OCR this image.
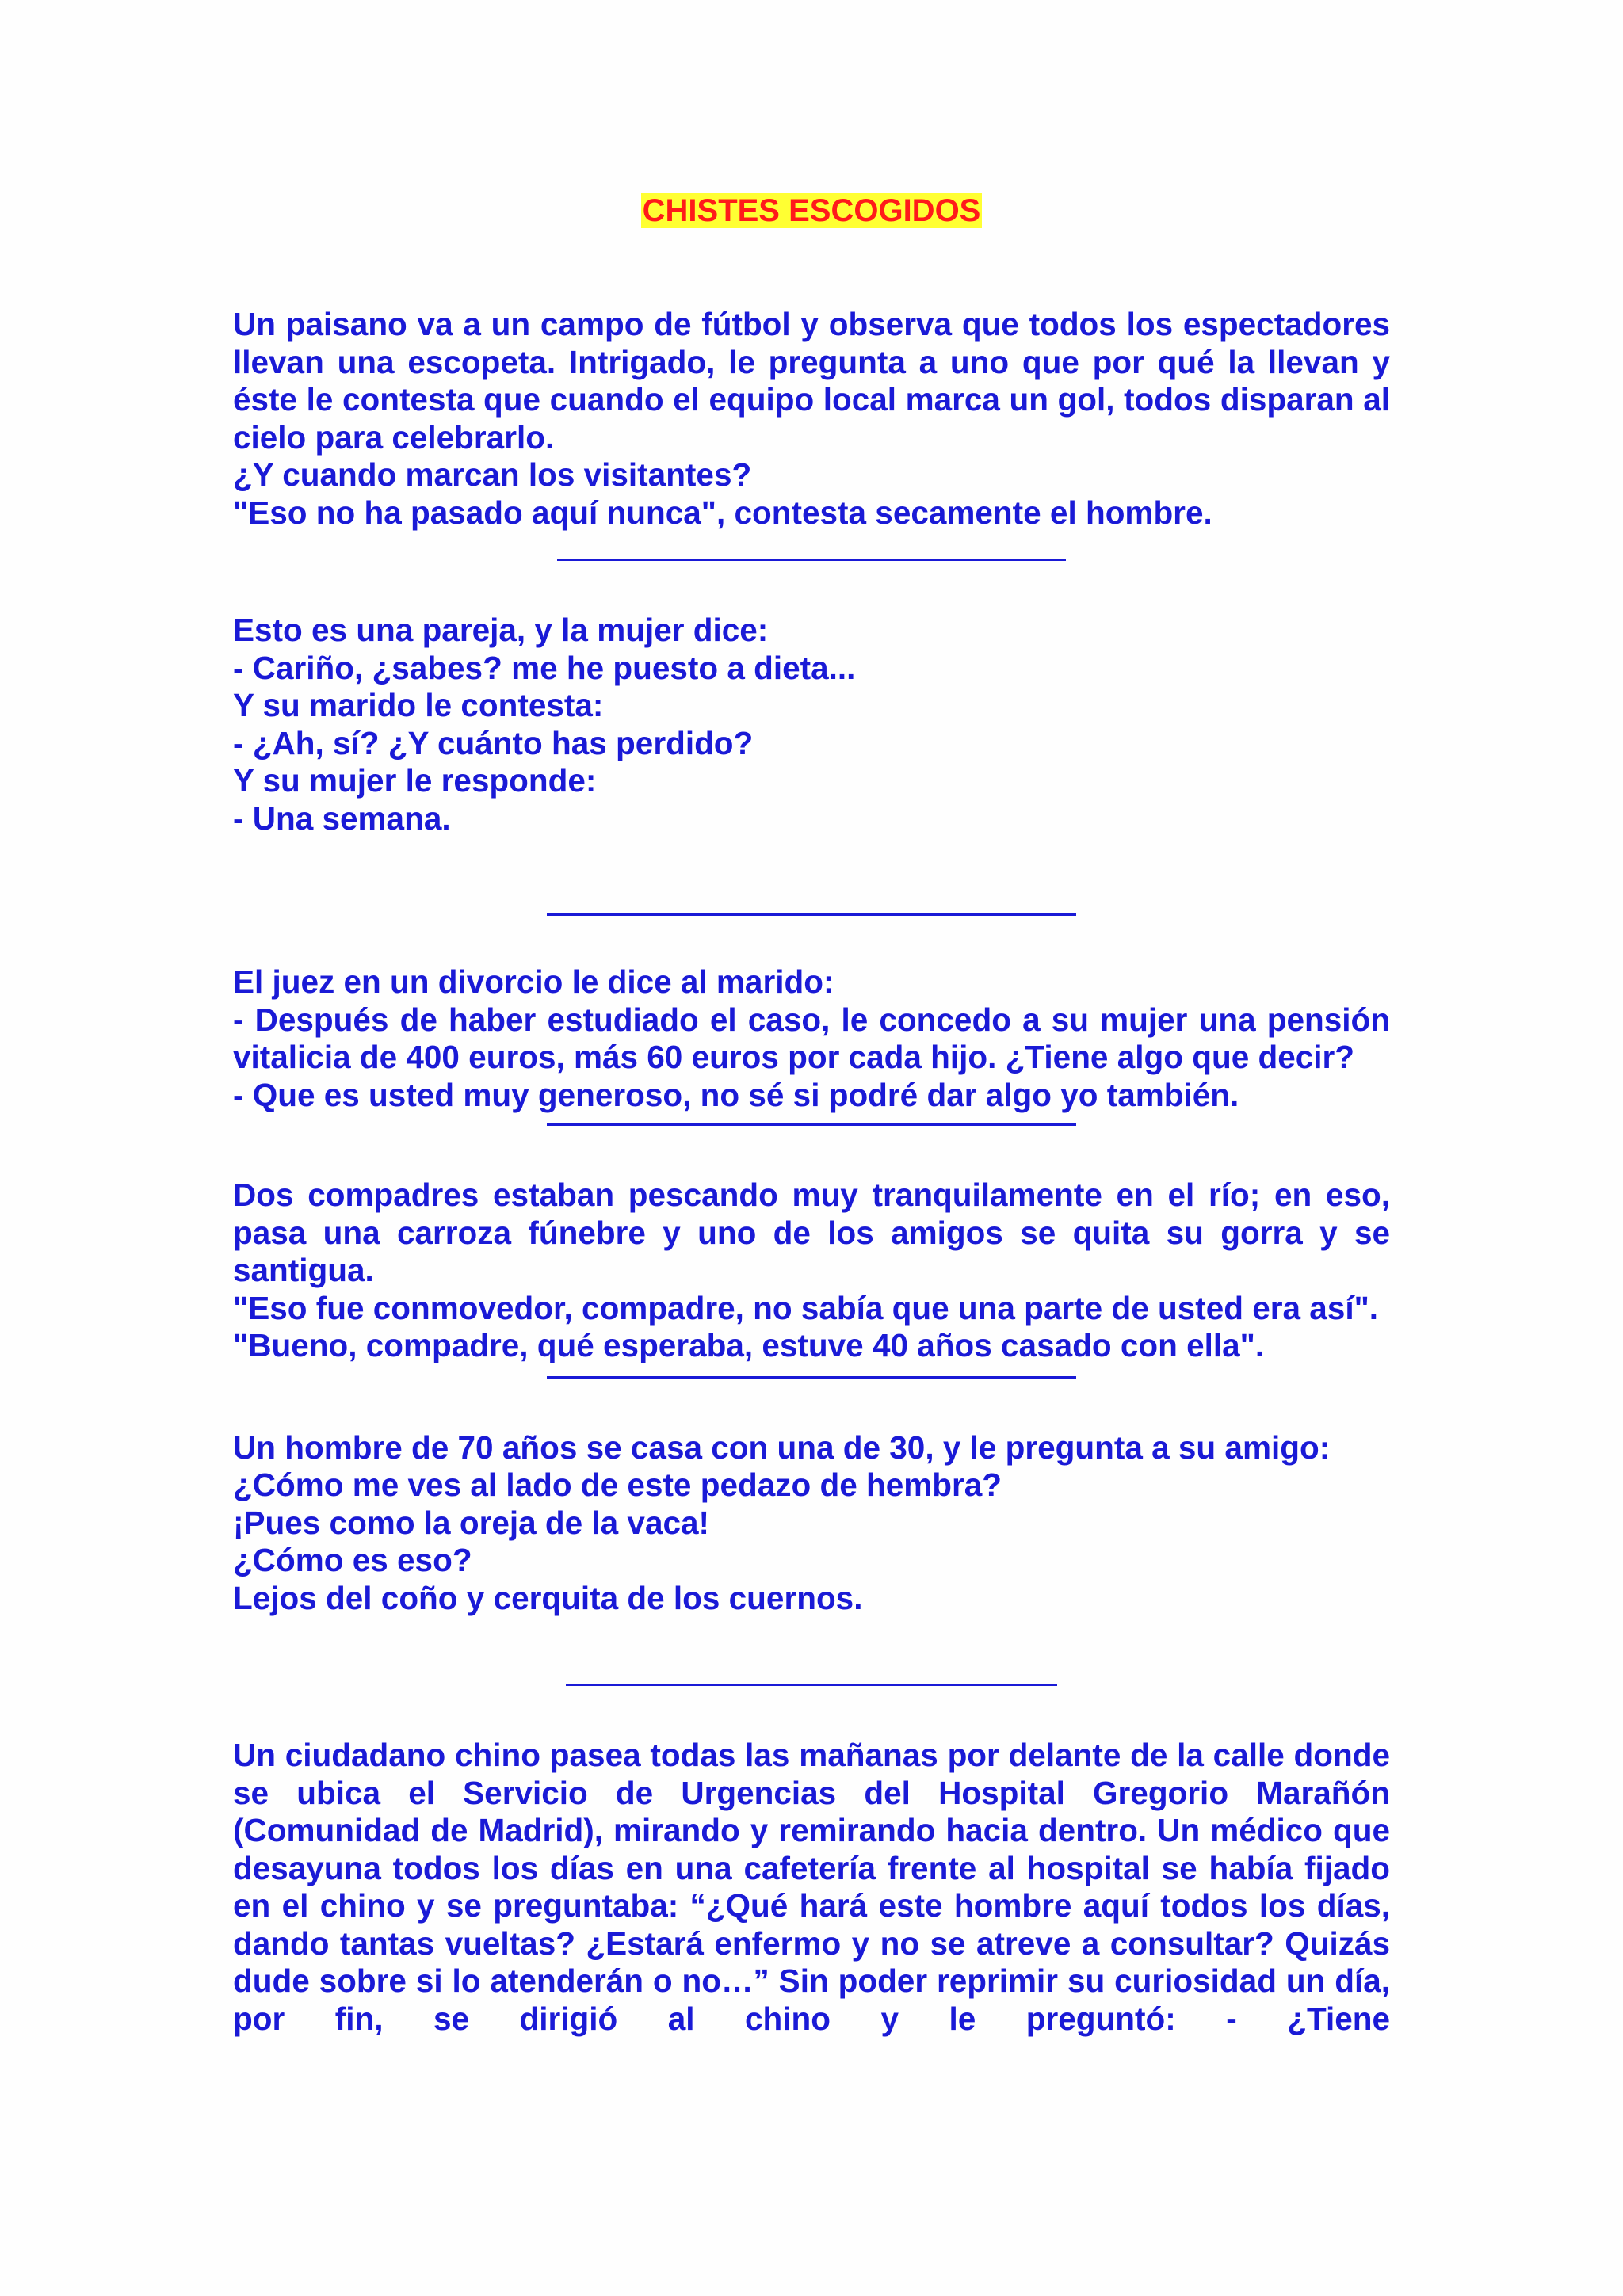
CHISTES ESCOGIDOS

Un paisano va a un campo de fútbol y observa que todos los espectadores llevan una escopeta. Intrigado, le pregunta a uno que por qué la llevan y éste le contesta que cuando el equipo local marca un gol, todos disparan al cielo para celebrarlo.

¿Y cuando marcan los visitantes?

"Eso no ha pasado aquí nunca", contesta secamente el hombre.

Esto es una pareja, y la mujer dice:

- Cariño, ¿sabes? me he puesto a dieta...

Y su marido le contesta:

- ¿Ah, sí? ¿Y cuánto has perdido?

Y su mujer le responde:

- Una semana.

El juez en un divorcio le dice al marido:

- Después de haber estudiado el caso, le concedo a su mujer una pensión vitalicia de 400 euros, más 60 euros por cada hijo. ¿Tiene algo que decir?

- Que es usted muy generoso, no sé si podré dar algo yo también.

Dos compadres estaban pescando muy tranquilamente en el río; en eso, pasa una carroza fúnebre y uno de los amigos se quita su gorra y se santigua.

"Eso fue conmovedor, compadre, no sabía que una parte de usted era así".

"Bueno, compadre, qué esperaba, estuve 40 años casado con ella".

Un hombre de 70 años se casa con una de 30, y le pregunta a su amigo:

¿Cómo me ves al lado de este pedazo de hembra?

¡Pues como la oreja de la vaca!

¿Cómo es eso?

Lejos del coño y cerquita de los cuernos.

Un ciudadano chino pasea todas las mañanas por delante de la calle donde se ubica el Servicio de Urgencias del Hospital Gregorio Marañón (Comunidad de Madrid), mirando y remirando hacia dentro. Un médico que desayuna todos los días en una cafetería frente al hospital se había fijado en el chino y se preguntaba: “¿Qué hará este hombre aquí todos los días, dando tantas vueltas? ¿Estará enfermo y no se atreve a consultar? Quizás dude sobre si lo atenderán o no…” Sin poder reprimir su curiosidad un día, por fin, se dirigió al chino y le preguntó: - ¿Tiene
